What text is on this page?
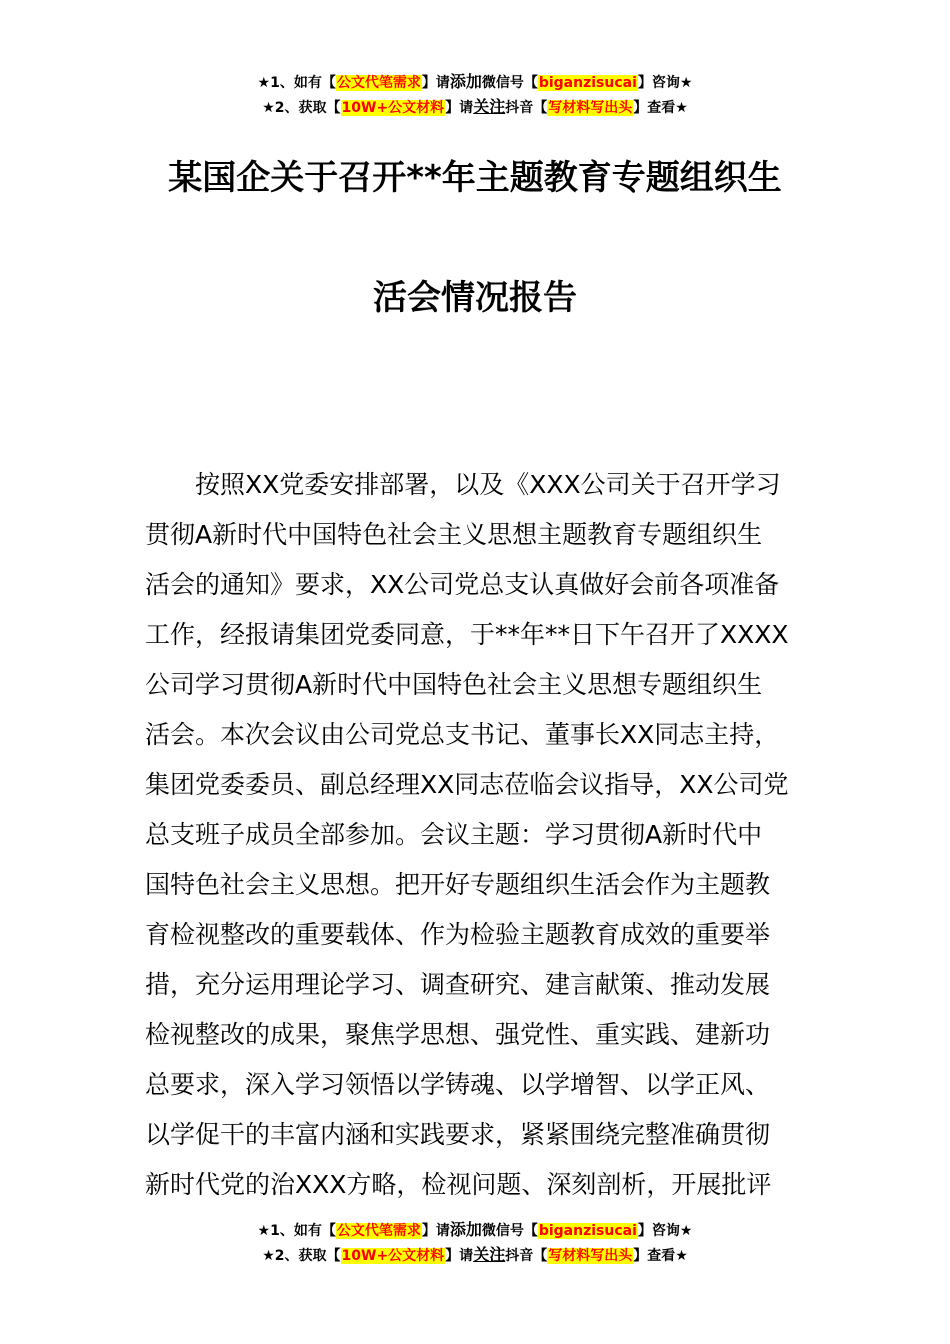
★1、如有【公文代笔需求】请添加微信号【biganzisucai】咨询★
★2、获取【10W+公文材料】请关注抖音【写材料写出头】查看★
某国企关于召开**年主题教育专题组织生
活会情况报告
按照XX党委安排部署，以及《XXX公司关于召开学习
贯彻A新时代中国特色社会主义思想主题教育专题组织生
活会的通知》要求，XX公司党总支认真做好会前各项准备
工作，经报请集团党委同意，于**年**日下午召开了XXXX
公司学习贯彻A新时代中国特色社会主义思想专题组织生
活会。本次会议由公司党总支书记、董事长XX同志主持，
集团党委委员、副总经理XX同志莅临会议指导，XX公司党
总支班子成员全部参加。会议主题：学习贯彻A新时代中
国特色社会主义思想。把开好专题组织生活会作为主题教
育检视整改的重要载体、作为检验主题教育成效的重要举
措，充分运用理论学习、调查研究、建言献策、推动发展
检视整改的成果，聚焦学思想、强党性、重实践、建新功
总要求，深入学习领悟以学铸魂、以学增智、以学正风、
以学促干的丰富内涵和实践要求，紧紧围绕完整准确贯彻
新时代党的治XXX方略，检视问题、深刻剖析，开展批评
★1、如有【公文代笔需求】请添加微信号【biganzisucai】咨询★
★2、获取【10W+公文材料】请关注抖音【写材料写出头】查看★
